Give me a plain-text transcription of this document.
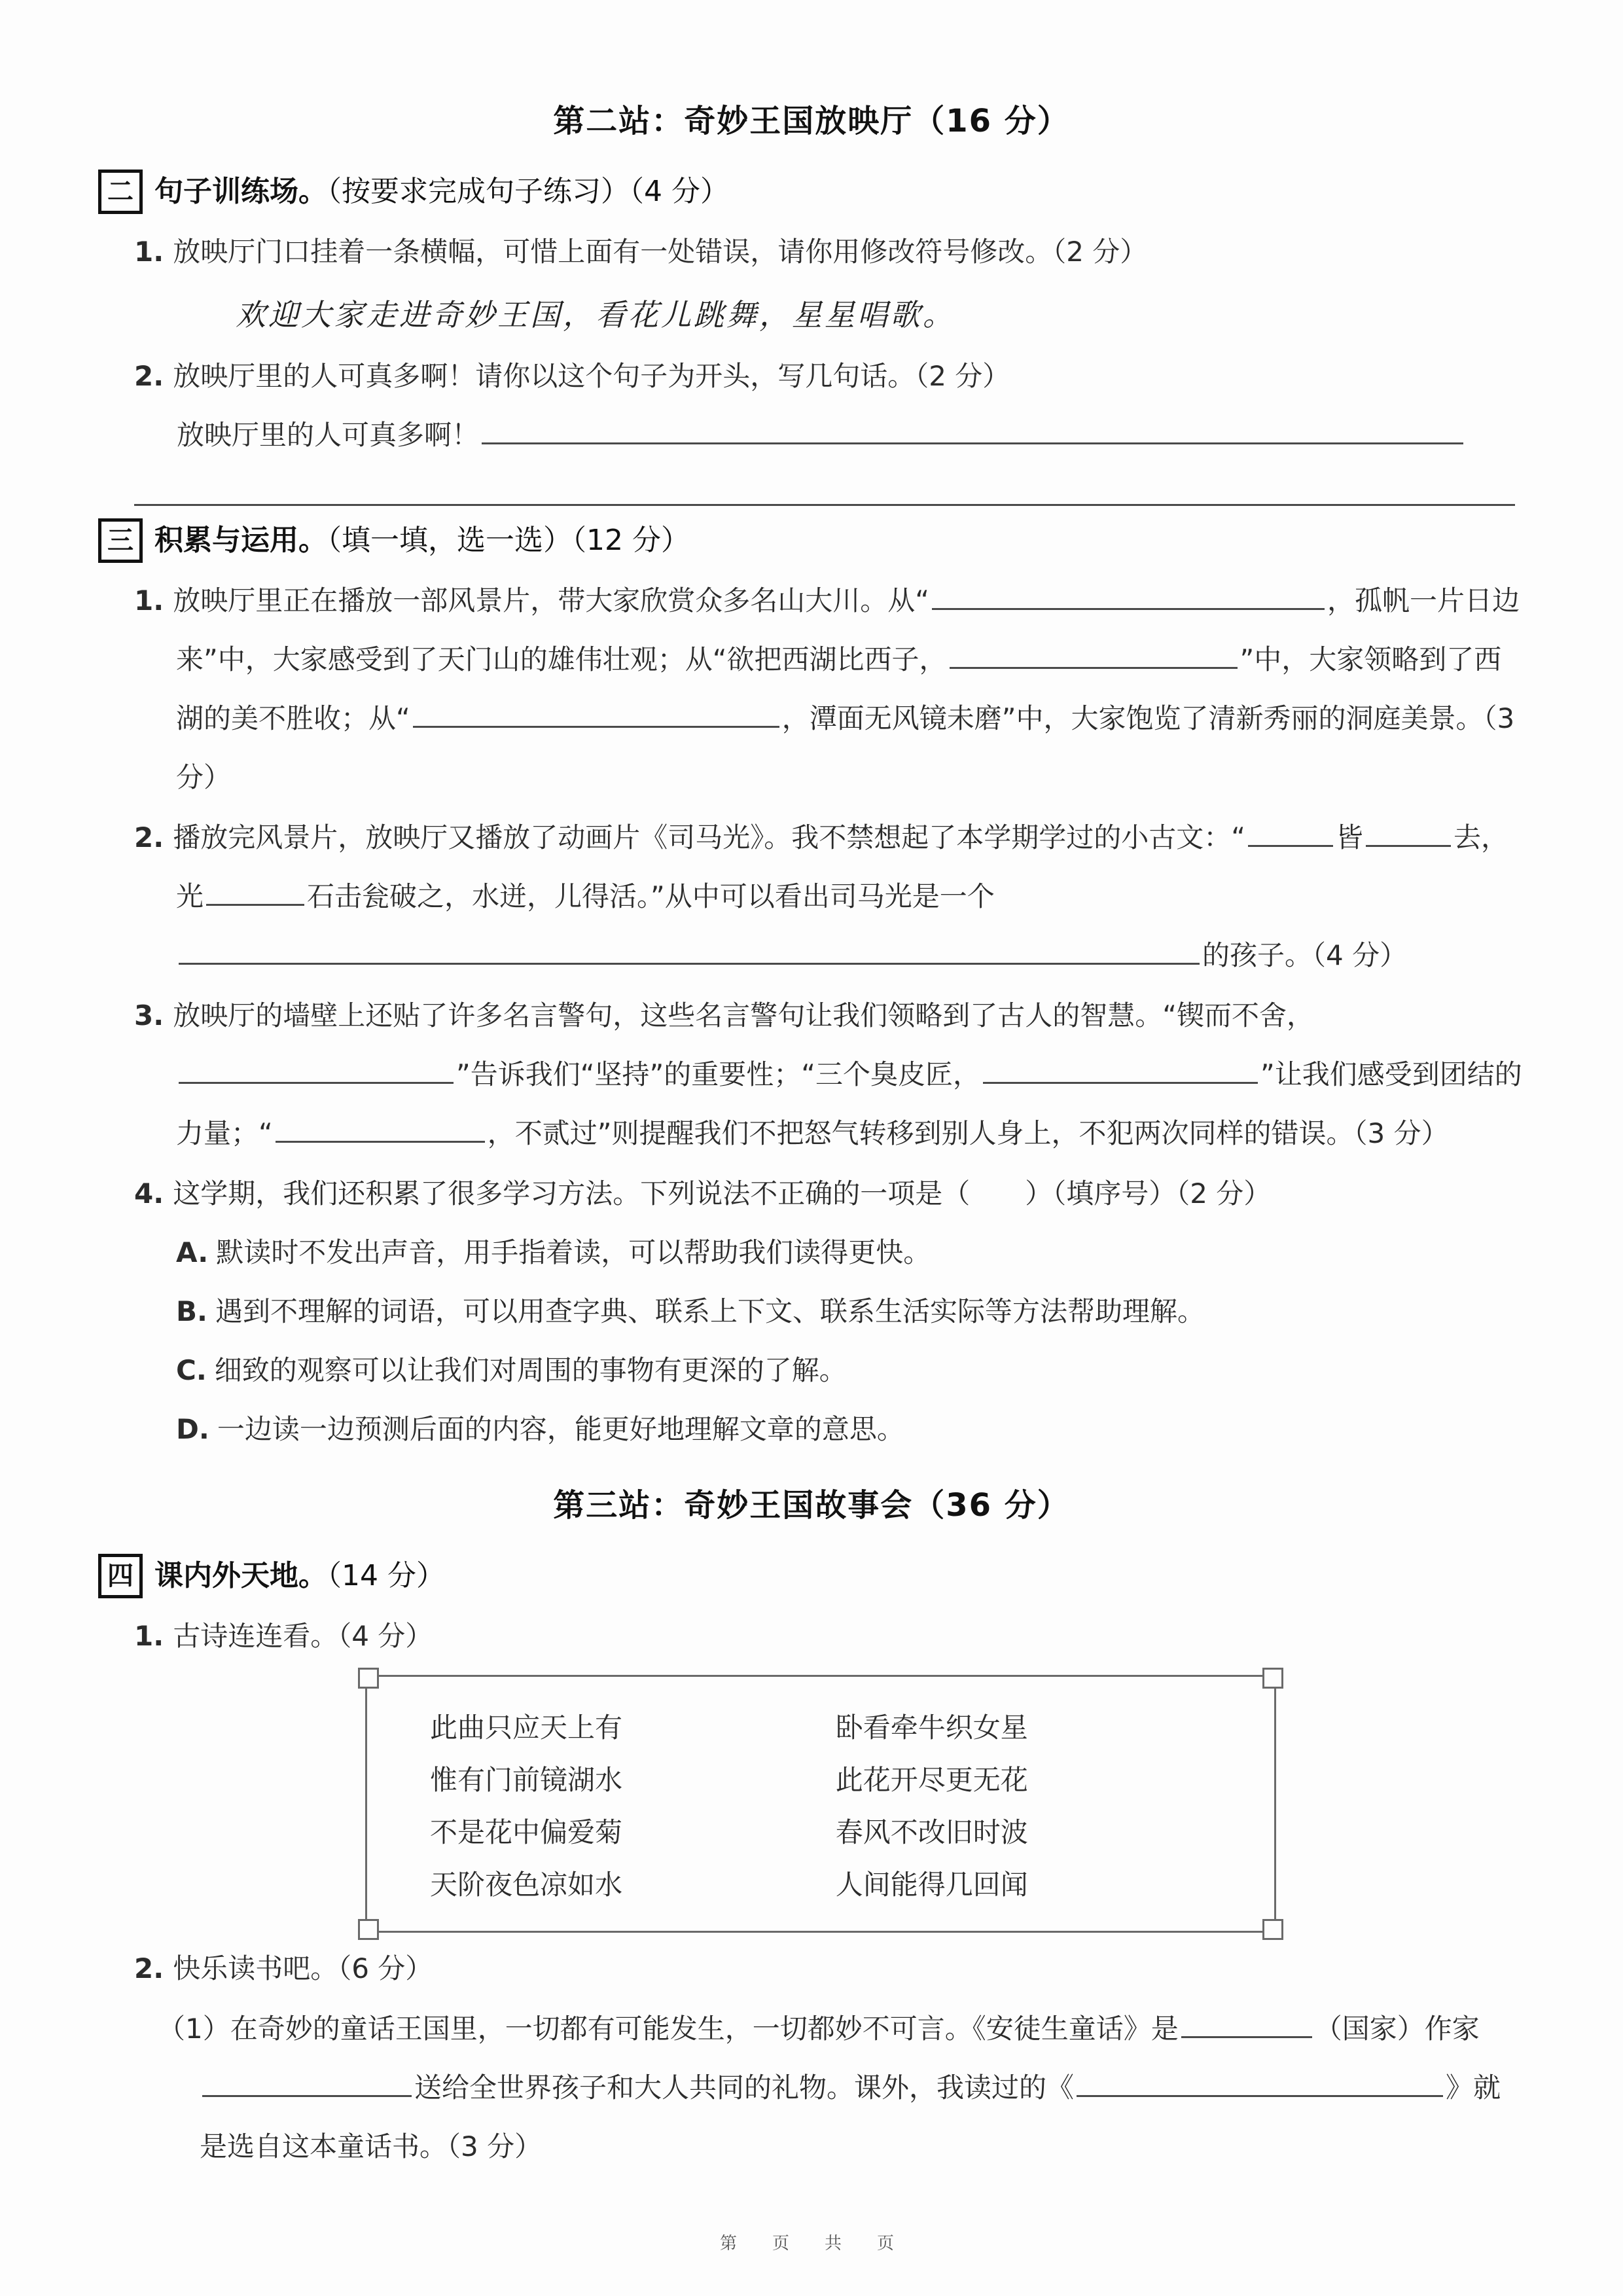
第二站：奇妙王国放映厅（16 分）
二 句子训练场。（按要求完成句子练习）（4 分）
1. 放映厅门口挂着一条横幅，可惜上面有一处错误，请你用修改符号修改。（2 分）
欢迎大家走进奇妙王国，看花儿跳舞，星星唱歌。
2. 放映厅里的人可真多啊！请你以这个句子为开头，写几句话。（2 分）
放映厅里的人可真多啊！
三 积累与运用。（填一填，选一选）（12 分）
1. 放映厅里正在播放一部风景片，带大家欣赏众多名山大川。从“	，孤帆一片日边来”中，大家感受到了天门山的雄伟壮观；从“欲把西湖比西子，	”中，大家领略到了西湖的美不胜收；从“	，潭面无风镜未磨”中，大家饱览了清新秀丽的洞庭美景。（3 分）
2. 播放完风景片，放映厅又播放了动画片《司马光》。我不禁想起了本学期学过的小古文：“	皆	去，光	石击瓮破之，水迸，儿得活。”从中可以看出司马光是一个的孩子。（4 分）
3. 放映厅的墙壁上还贴了许多名言警句，这些名言警句让我们领略到了古人的智慧。“锲而不舍，”告诉我们“坚持”的重要性；“三个臭皮匠，	”让我们感受到团结的力量；“	，不贰过”则提醒我们不把怒气转移到别人身上，不犯两次同样的错误。（3 分）
4. 这学期，我们还积累了很多学习方法。下列说法不正确的一项是（　　）（填序号）（2 分）
A. 默读时不发出声音，用手指着读，可以帮助我们读得更快。
B. 遇到不理解的词语，可以用查字典、联系上下文、联系生活实际等方法帮助理解。
C. 细致的观察可以让我们对周围的事物有更深的了解。
D. 一边读一边预测后面的内容，能更好地理解文章的意思。
第三站：奇妙王国故事会（36 分）
四 课内外天地。（14 分）
1. 古诗连连看。（4 分）
此曲只应天上有	卧看牵牛织女星
惟有门前镜湖水	此花开尽更无花
不是花中偏爱菊	春风不改旧时波
天阶夜色凉如水	人间能得几回闻
2. 快乐读书吧。（6 分）
（1）在奇妙的童话王国里，一切都有可能发生，一切都妙不可言。《安徒生童话》是	（国家）作家送给全世界孩子和大人共同的礼物。课外，我读过的《	》就是选自这本童话书。（3 分）
第　页　共　页
